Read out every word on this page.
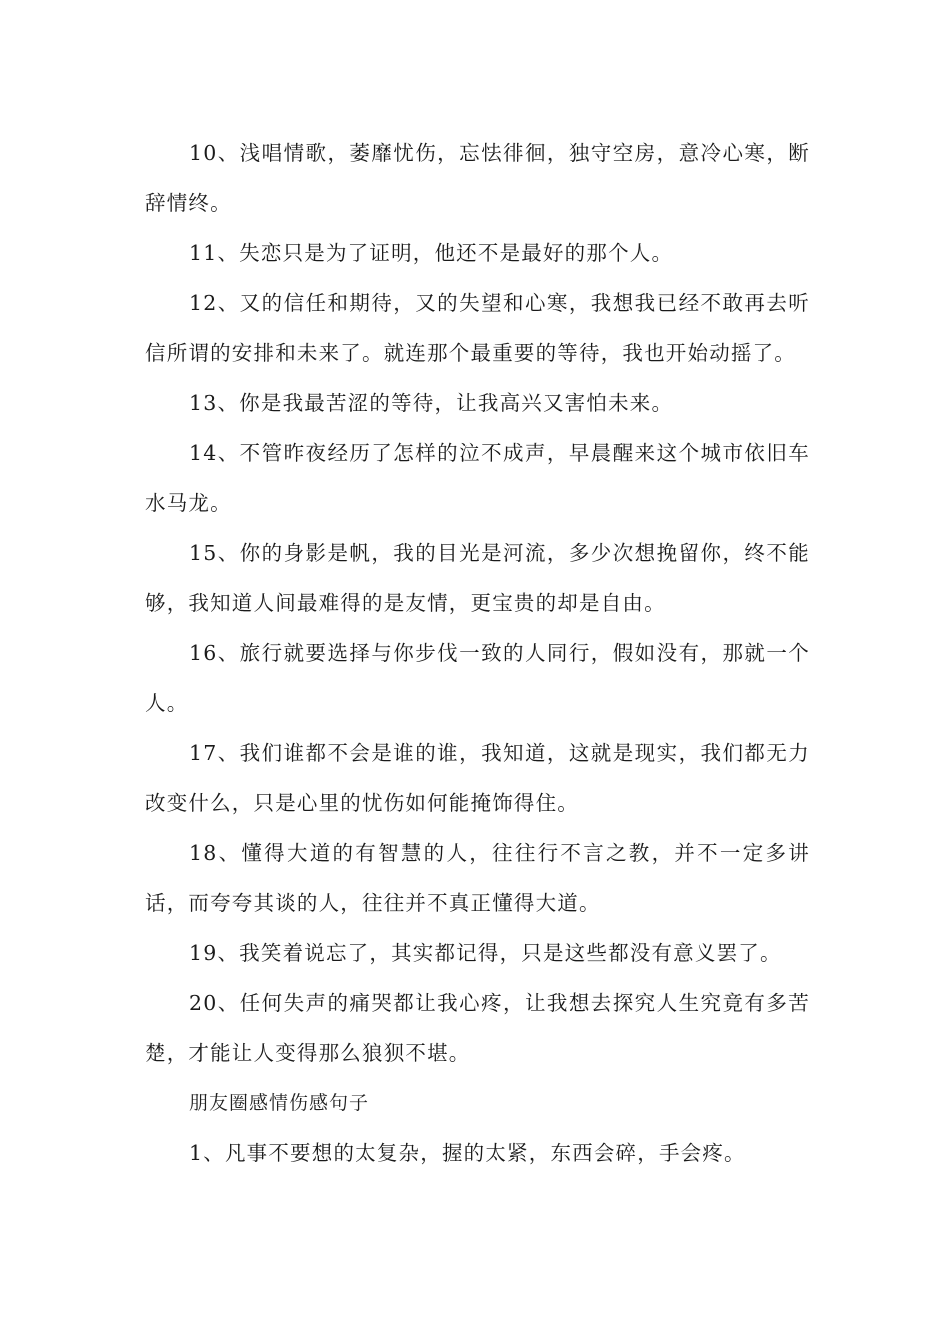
10、浅唱情歌，萎靡忧伤，忘怯徘徊，独守空房，意冷心寒，断辞情终。

11、失恋只是为了证明，他还不是最好的那个人。

12、又的信任和期待，又的失望和心寒，我想我已经不敢再去听信所谓的安排和未来了。就连那个最重要的等待，我也开始动摇了。

13、你是我最苦涩的等待，让我高兴又害怕未来。

14、不管昨夜经历了怎样的泣不成声，早晨醒来这个城市依旧车水马龙。

15、你的身影是帆，我的目光是河流，多少次想挽留你，终不能够，我知道人间最难得的是友情，更宝贵的却是自由。

16、旅行就要选择与你步伐一致的人同行，假如没有，那就一个人。

17、我们谁都不会是谁的谁，我知道，这就是现实，我们都无力改变什么，只是心里的忧伤如何能掩饰得住。

18、懂得大道的有智慧的人，往往行不言之教，并不一定多讲话，而夸夸其谈的人，往往并不真正懂得大道。

19、我笑着说忘了，其实都记得，只是这些都没有意义罢了。

20、任何失声的痛哭都让我心疼，让我想去探究人生究竟有多苦楚，才能让人变得那么狼狈不堪。

朋友圈感情伤感句子

1、凡事不要想的太复杂，握的太紧，东西会碎，手会疼。
